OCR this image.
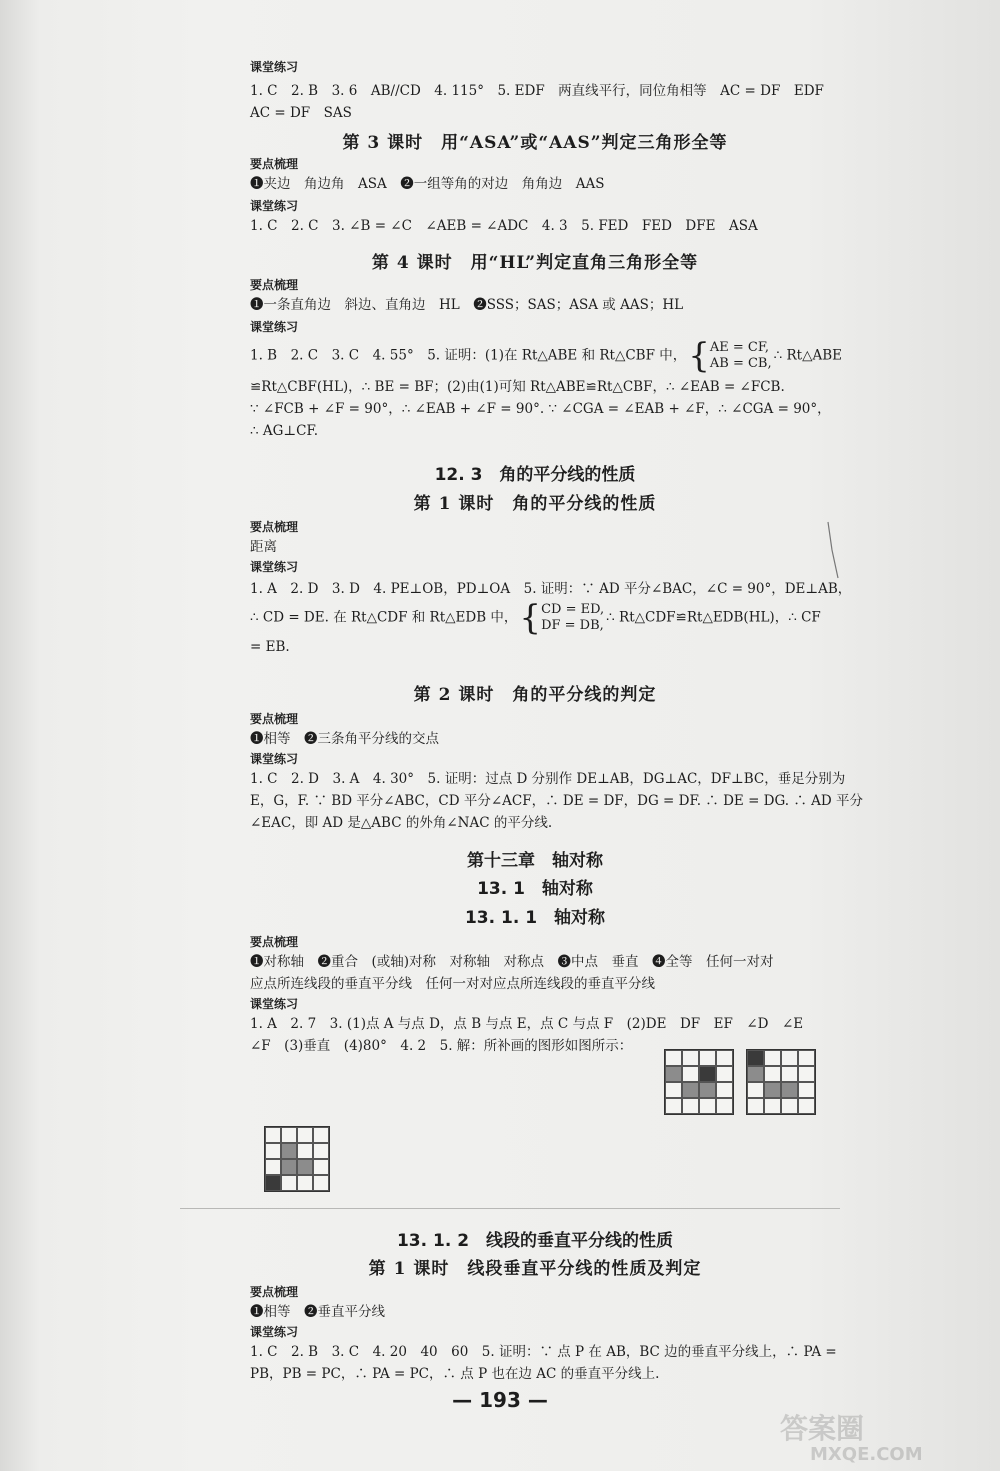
课堂练习
1. C　2. B　3. 6　AB//CD　4. 115°　5. EDF　两直线平行，同位角相等　AC = DF　EDF
AC = DF　SAS
第 3 课时　用“ASA”或“AAS”判定三角形全等
要点梳理
❶夹边　角边角　ASA　❷一组等角的对边　角角边　AAS
课堂练习
1. C　2. C　3. ∠B = ∠C　∠AEB = ∠ADC　4. 3　5. FED　FED　DFE　ASA
第 4 课时　用“HL”判定直角三角形全等
要点梳理
❶一条直角边　斜边、直角边　HL　❷SSS；SAS；ASA 或 AAS；HL
课堂练习
1. B　2. C　3. C　4. 55°　5. 证明：(1)在 Rt△ABE 和 Rt△CBF 中，{ AE = CF,
AB = CB, ∴ Rt△ABE
≌Rt△CBF(HL)，∴ BE = BF；(2)由(1)可知 Rt△ABE≌Rt△CBF，∴ ∠EAB = ∠FCB.
∵ ∠FCB + ∠F = 90°，∴ ∠EAB + ∠F = 90°. ∵ ∠CGA = ∠EAB + ∠F，∴ ∠CGA = 90°，
∴ AG⊥CF.
12. 3　角的平分线的性质
第 1 课时　角的平分线的性质
要点梳理
距离
课堂练习
1. A　2. D　3. D　4. PE⊥OB，PD⊥OA　5. 证明：∵ AD 平分∠BAC，∠C = 90°，DE⊥AB，
∴ CD = DE. 在 Rt△CDF 和 Rt△EDB 中，{ CD = ED,
DF = DB, ∴ Rt△CDF≌Rt△EDB(HL)，∴ CF
= EB.
第 2 课时　角的平分线的判定
要点梳理
❶相等　❷三条角平分线的交点
课堂练习
1. C　2. D　3. A　4. 30°　5. 证明：过点 D 分别作 DE⊥AB，DG⊥AC，DF⊥BC，垂足分别为
E，G，F. ∵ BD 平分∠ABC，CD 平分∠ACF，∴ DE = DF，DG = DF. ∴ DE = DG. ∴ AD 平分
∠EAC，即 AD 是△ABC 的外角∠NAC 的平分线.
第十三章　轴对称
13. 1　轴对称
13. 1. 1　轴对称
要点梳理
❶对称轴　❷重合　(或轴)对称　对称轴　对称点　❸中点　垂直　❹全等　任何一对对
应点所连线段的垂直平分线　任何一对对应点所连线段的垂直平分线
课堂练习
1. A　2. 7　3. (1)点 A 与点 D，点 B 与点 E，点 C 与点 F　(2)DE　DF　EF　∠D　∠E
∠F　(3)垂直　(4)80°　4. 2　5. 解：所补画的图形如图所示：
13. 1. 2　线段的垂直平分线的性质
第 1 课时　线段垂直平分线的性质及判定
要点梳理
❶相等　❷垂直平分线
课堂练习
1. C　2. B　3. C　4. 20　40　60　5. 证明：∵ 点 P 在 AB，BC 边的垂直平分线上，∴ PA =
PB，PB = PC，∴ PA = PC，∴ 点 P 也在边 AC 的垂直平分线上.
— 193 —
答案圈
MXQE.COM
